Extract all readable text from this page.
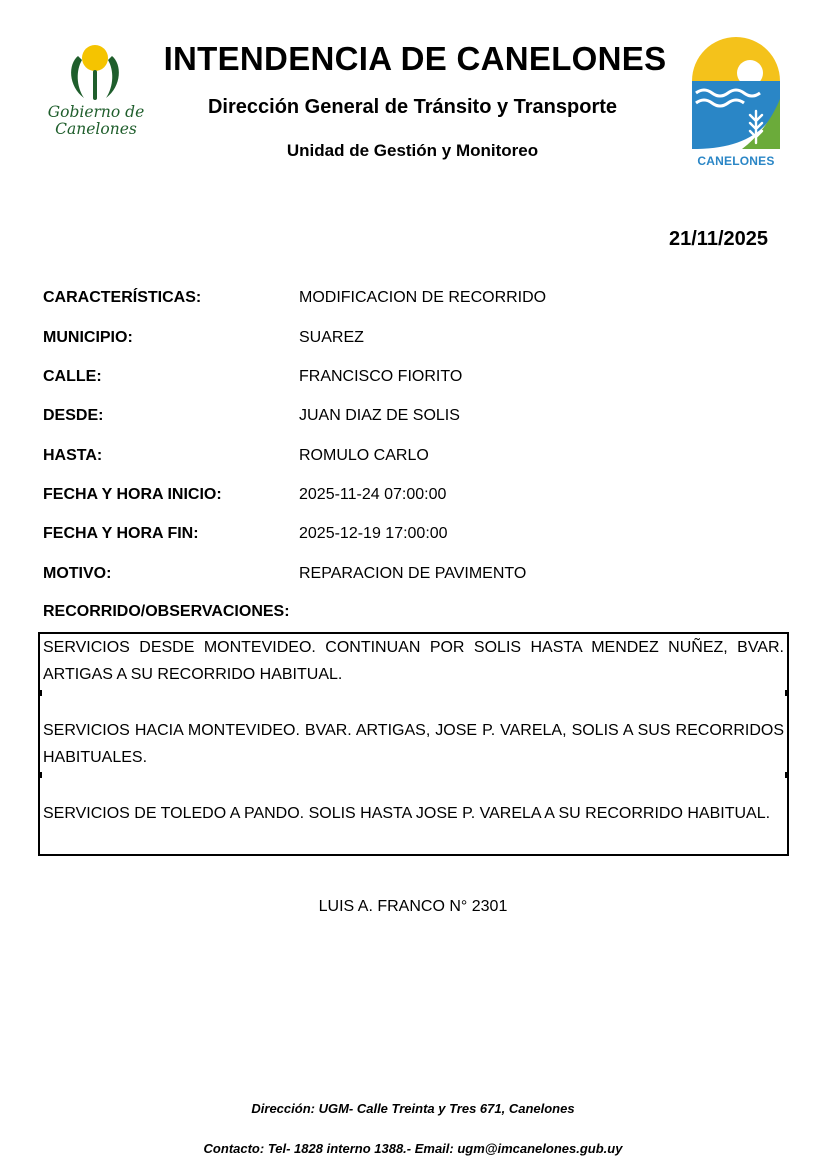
Gobierno de
Canelones
CANELONES
INTENDENCIA DE CANELONES
Dirección General de Tránsito y Transporte
Unidad de Gestión y Monitoreo
21/11/2025
CARACTERÍSTICAS:	MODIFICACION DE RECORRIDO
MUNICIPIO:	SUAREZ
CALLE:	FRANCISCO FIORITO
DESDE:	JUAN DIAZ DE SOLIS
HASTA:	ROMULO CARLO
FECHA Y HORA INICIO:	2025-11-24 07:00:00
FECHA Y HORA FIN:	2025-12-19 17:00:00
MOTIVO:	REPARACION DE PAVIMENTO
RECORRIDO/OBSERVACIONES:
SERVICIOS DESDE MONTEVIDEO. CONTINUAN POR SOLIS HASTA MENDEZ NUÑEZ, BVAR. ARTIGAS A SU RECORRIDO HABITUAL.
SERVICIOS HACIA MONTEVIDEO. BVAR. ARTIGAS, JOSE P. VARELA, SOLIS A SUS RECORRIDOS HABITUALES.
SERVICIOS DE TOLEDO A PANDO. SOLIS HASTA JOSE P. VARELA A SU RECORRIDO HABITUAL.
LUIS A. FRANCO N° 2301
Dirección: UGM- Calle Treinta y Tres 671, Canelones
Contacto: Tel- 1828 interno 1388.- Email: ugm@imcanelones.gub.uy
